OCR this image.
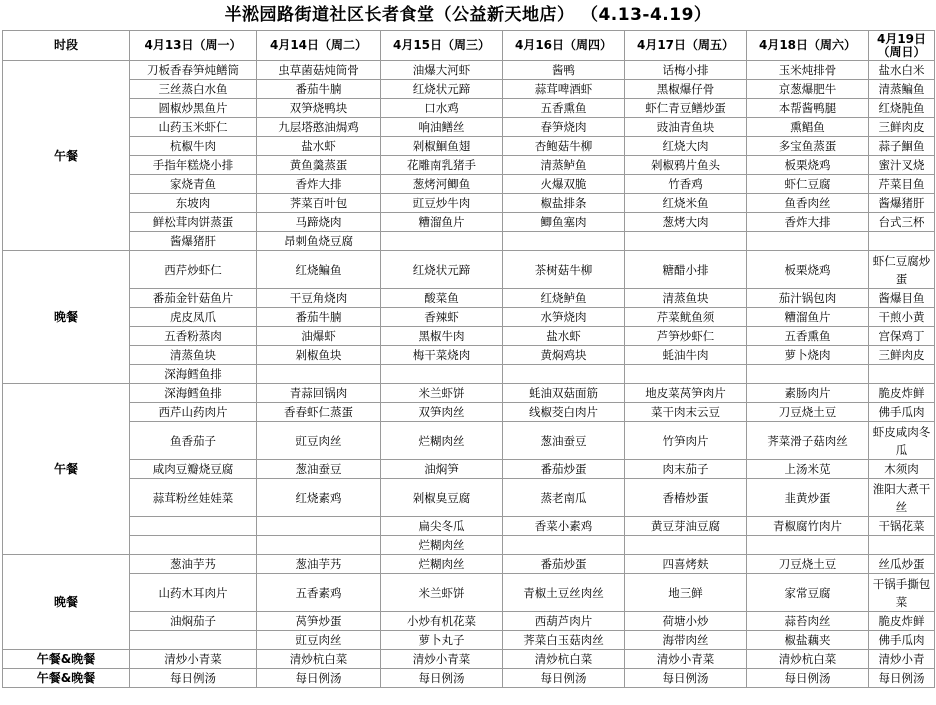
半淞园路街道社区长者食堂（公益新天地店） （4.13-4.19）
时段	4月13日（周一）	4月14日（周二）	4月15日（周三）	4月16日（周四）	4月17日（周五）	4月18日（周六）	4月19日（周日）
午餐	刀板香春笋炖鳝筒	虫草菌菇炖筒骨	油爆大河虾	酱鸭	话梅小排	玉米炖排骨	盐水白米
	三丝蒸白水鱼	番茄牛腩	红烧状元蹄	蒜茸啤酒虾	黑椒爆仔骨	京葱爆肥牛	清蒸鳊鱼
	圆椒炒黑鱼片	双笋烧鸭块	口水鸡	五香熏鱼	虾仁青豆鳝炒蛋	本帮酱鸭腿	红烧肫鱼
	山药玉米虾仁	九层塔憨油焗鸡	响油鳝丝	春笋烧肉	豉油青鱼块	熏鲳鱼	三鲜肉皮
	杭椒牛肉	盐水虾	剁椒鮰鱼翅	杏鲍菇牛柳	红烧大肉	多宝鱼蒸蛋	蒜子鮰鱼
	手指年糕烧小排	黄鱼羹蒸蛋	花雕南乳猪手	清蒸鲈鱼	剁椒鸦片鱼头	板栗烧鸡	蜜汁叉烧
	家烧青鱼	香炸大排	葱烤河鲫鱼	火爆双脆	竹香鸡	虾仁豆腐	芹菜目鱼
	东坡肉	荠菜百叶包	豇豆炒牛肉	椒盐排条	红烧米鱼	鱼香肉丝	酱爆猪肝
	鲜松茸肉饼蒸蛋	马蹄烧肉	糟溜鱼片	鲫鱼塞肉	葱烤大肉	香炸大排	台式三杯
	酱爆猪肝	昂刺鱼烧豆腐					
晚餐	西芹炒虾仁	红烧鳊鱼	红烧状元蹄	茶树菇牛柳	糖醋小排	板栗烧鸡	虾仁豆腐炒蛋
	番茄金针菇鱼片	干豆角烧肉	酸菜鱼	红烧鲈鱼	清蒸鱼块	茄汁锅包肉	酱爆目鱼
	虎皮凤爪	番茄牛腩	香辣虾	水笋烧肉	芹菜鱿鱼须	糟溜鱼片	干煎小黄
	五香粉蒸肉	油爆虾	黑椒牛肉	盐水虾	芦笋炒虾仁	五香熏鱼	宫保鸡丁
	清蒸鱼块	剁椒鱼块	梅干菜烧肉	黄焖鸡块	蚝油牛肉	萝卜烧肉	三鲜肉皮
	深海鳕鱼排						
午餐	深海鳕鱼排	青蒜回锅肉	米兰虾饼	蚝油双菇面筋	地皮菜莴笋肉片	素肠肉片	脆皮炸鲜
	西芹山药肉片	香春虾仁蒸蛋	双笋肉丝	线椒茭白肉片	菜干肉末云豆	刀豆烧土豆	佛手瓜肉
	鱼香茄子	豇豆肉丝	烂糊肉丝	葱油蚕豆	竹笋肉片	荠菜滑子菇肉丝	虾皮咸肉冬瓜
	咸肉豆瓣烧豆腐	葱油蚕豆	油焖笋	番茄炒蛋	肉末茄子	上汤米苋	木须肉
	蒜茸粉丝娃娃菜	红烧素鸡	剁椒臭豆腐	蒸老南瓜	香椿炒蛋	韭黄炒蛋	淮阳大煮干丝
			扁尖冬瓜	香菜小素鸡	黄豆芽油豆腐	青椒腐竹肉片	干锅花菜
			烂糊肉丝				
晚餐	葱油芋艿	葱油芋艿	烂糊肉丝	番茄炒蛋	四喜烤麸	刀豆烧土豆	丝瓜炒蛋
	山药木耳肉片	五香素鸡	米兰虾饼	青椒土豆丝肉丝	地三鲜	家常豆腐	干锅手撕包菜
	油焖茄子	莴笋炒蛋	小炒有机花菜	西葫芦肉片	荷塘小炒	蒜苔肉丝	脆皮炸鲜
		豇豆肉丝	萝卜丸子	荠菜白玉菇肉丝	海带肉丝	椒盐藕夹	佛手瓜肉
午餐&晚餐	清炒小青菜	清炒杭白菜	清炒小青菜	清炒杭白菜	清炒小青菜	清炒杭白菜	清炒小青
午餐&晚餐	每日例汤	每日例汤	每日例汤	每日例汤	每日例汤	每日例汤	每日例汤
